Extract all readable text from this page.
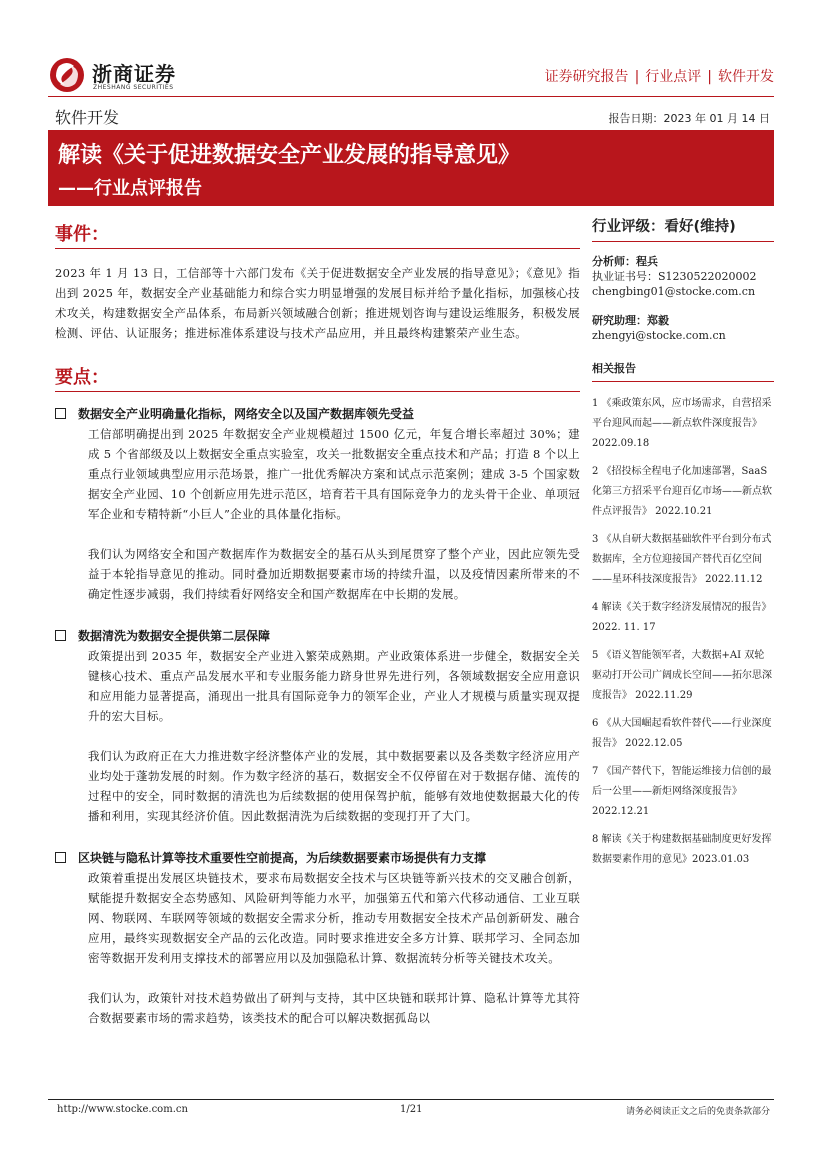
浙商证券
ZHESHANG SECURITIES
证券研究报告 | 行业点评 | 软件开发
软件开发	报告日期：2023 年 01 月 14 日
解读《关于促进数据安全产业发展的指导意见》
——行业点评报告
事件：
2023 年 1 月 13 日，工信部等十六部门发布《关于促进数据安全产业发展的指导意见》；《意见》指出到 2025 年，数据安全产业基础能力和综合实力明显增强的发展目标并给予量化指标，加强核心技术攻关，构建数据安全产品体系，布局新兴领域融合创新；推进规划咨询与建设运维服务，积极发展检测、评估、认证服务；推进标准体系建设与技术产品应用，并且最终构建繁荣产业生态。
要点：
数据安全产业明确量化指标，网络安全以及国产数据库领先受益
工信部明确提出到 2025 年数据安全产业规模超过 1500 亿元，年复合增长率超过 30%；建成 5 个省部级及以上数据安全重点实验室，攻关一批数据安全重点技术和产品；打造 8 个以上重点行业领域典型应用示范场景，推广一批优秀解决方案和试点示范案例；建成 3-5 个国家数据安全产业园、10 个创新应用先进示范区，培育若干具有国际竞争力的龙头骨干企业、单项冠军企业和专精特新“小巨人”企业的具体量化指标。
我们认为网络安全和国产数据库作为数据安全的基石从头到尾贯穿了整个产业，因此应领先受益于本轮指导意见的推动。同时叠加近期数据要素市场的持续升温，以及疫情因素所带来的不确定性逐步减弱，我们持续看好网络安全和国产数据库在中长期的发展。
数据清洗为数据安全提供第二层保障
政策提出到 2035 年，数据安全产业进入繁荣成熟期。产业政策体系进一步健全，数据安全关键核心技术、重点产品发展水平和专业服务能力跻身世界先进行列，各领域数据安全应用意识和应用能力显著提高，涌现出一批具有国际竞争力的领军企业，产业人才规模与质量实现双提升的宏大目标。
我们认为政府正在大力推进数字经济整体产业的发展，其中数据要素以及各类数字经济应用产业均处于蓬勃发展的时刻。作为数字经济的基石，数据安全不仅停留在对于数据存储、流传的过程中的安全，同时数据的清洗也为后续数据的使用保驾护航，能够有效地使数据最大化的传播和利用，实现其经济价值。因此数据清洗为后续数据的变现打开了大门。
区块链与隐私计算等技术重要性空前提高，为后续数据要素市场提供有力支撑
政策着重提出发展区块链技术，要求布局数据安全技术与区块链等新兴技术的交叉融合创新，赋能提升数据安全态势感知、风险研判等能力水平，加强第五代和第六代移动通信、工业互联网、物联网、车联网等领域的数据安全需求分析，推动专用数据安全技术产品创新研发、融合应用，最终实现数据安全产品的云化改造。同时要求推进安全多方计算、联邦学习、全同态加密等数据开发利用支撑技术的部署应用以及加强隐私计算、数据流转分析等关键技术攻关。
我们认为，政策针对技术趋势做出了研判与支持，其中区块链和联邦计算、隐私计算等尤其符合数据要素市场的需求趋势，该类技术的配合可以解决数据孤岛以
行业评级：看好(维持)
分析师：程兵
执业证书号：S1230522020002
chengbing01@stocke.com.cn
研究助理：郑毅
zhengyi@stocke.com.cn
相关报告
1 《乘政策东风，应市场需求，自营招采平台迎风而起——新点软件深度报告》 2022.09.18
2 《招投标全程电子化加速部署，SaaS 化第三方招采平台迎百亿市场——新点软件点评报告》 2022.10.21
3 《从自研大数据基础软件平台到分布式数据库，全方位迎接国产替代百亿空间——星环科技深度报告》 2022.11.12
4 解读《关于数字经济发展情况的报告》2022. 11. 17
5 《语义智能领军者，大数据+AI 双轮驱动打开公司广阔成长空间——拓尔思深度报告》 2022.11.29
6 《从大国崛起看软件替代——行业深度报告》 2022.12.05
7 《国产替代下，智能运维接力信创的最后一公里——新炬网络深度报告》 2022.12.21
8 解读《关于构建数据基础制度更好发挥数据要素作用的意见》2023.01.03
http://www.stocke.com.cn	1/21	请务必阅读正文之后的免责条款部分
